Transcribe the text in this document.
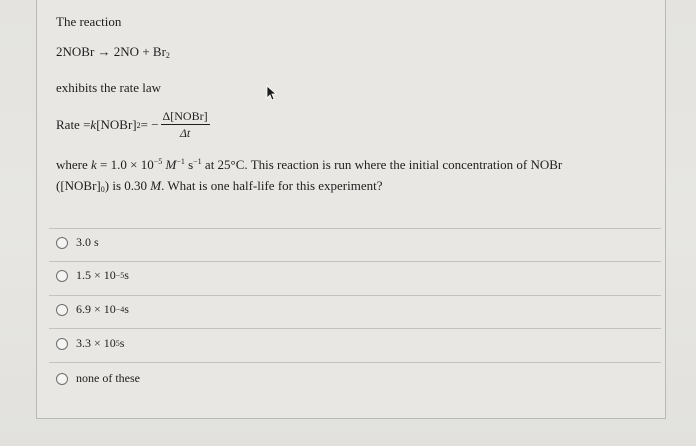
The reaction
2NOBr → $2NO + Br_2$
exhibits the rate law
Rate = k [NOBr] 2 = − $\frac{\text{Δ[NOBr]}}{\Delta t}$
where $k = 1.0 \times 10^{-5}$ $M^{-1}$ $s^{-1}$ at 25°C. This reaction is run where the initial concentration of NOBr
$([NOBr]_0)$ is 0.30 M. What is one half-life for this experiment?
3.0 s
1.5 × 10 −5 s
6.9 × 10 −4 s
3.3 × 10 5 s
none of these
